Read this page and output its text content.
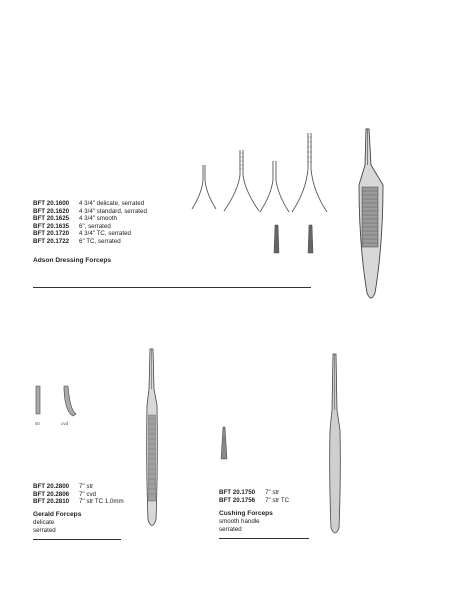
BFT 20.1600 4 3/4" delicate, serrated
BFT 20.1620 4 3/4" standard, serrated
BFT 20.1625 4 3/4" smooth
BFT 20.1635 6", serrated
BFT 20.1720 4 3/4" TC, serrated
BFT 20.1722 6" TC, serrated
Adson Dressing Forceps
str	cvd
BFT 20.2800 7" str
BFT 20.2806 7" cvd
BFT 20.2810 7" str TC 1.0mm
Gerald Forceps
delicate
serrated
BFT 20.1750 7" str
BFT 20.1756 7" str TC
Cushing Forceps
smooth handle
serrated
